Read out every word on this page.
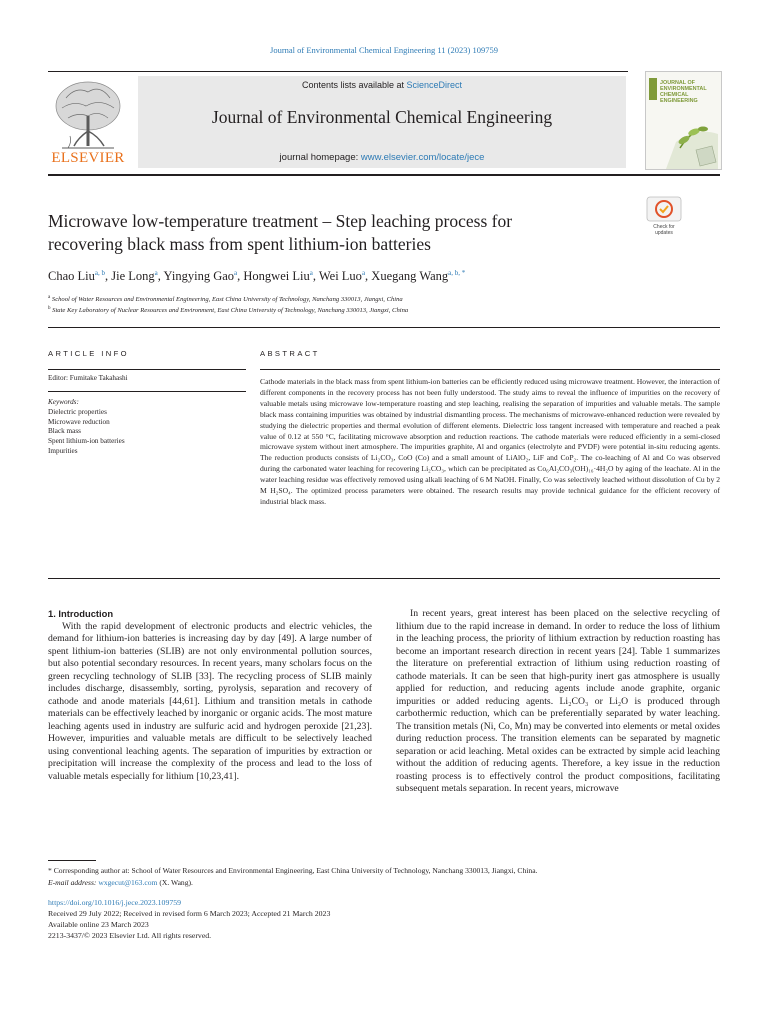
Journal of Environmental Chemical Engineering 11 (2023) 109759
ELSEVIER
Contents lists available at ScienceDirect
Journal of Environmental Chemical Engineering
journal homepage: www.elsevier.com/locate/jece
JOURNAL OF ENVIRONMENTAL CHEMICAL ENGINEERING
Microwave low-temperature treatment – Step leaching process for
recovering black mass from spent lithium-ion batteries
Check for updates
Chao Liu$^{a, b}$, Jie Long$^a$, Yingying Gao$^a$, Hongwei Liu$^a$, Wei Luo$^a$, Xuegang Wang$^{a, b, *}$
$^a$ School of Water Resources and Environmental Engineering, East China University of Technology, Nanchang 330013, Jiangxi, China
$^b$ State Key Laboratory of Nuclear Resources and Environment, East China University of Technology, Nanchang 330013, Jiangxi, China
ARTICLE INFO
Editor: Fumitake Takahashi
Keywords:
Dielectric properties
Microwave reduction
Black mass
Spent lithium-ion batteries
Impurities
ABSTRACT
Cathode materials in the black mass from spent lithium-ion batteries can be efficiently reduced using microwave treatment. However, the interaction of different components in the recovery process has not been fully understood. The study aims to reveal the influence of impurities on the recovery of valuable metals using microwave low-temperature roasting and step leaching, realising the separation of impurities and valuable metals. The sample black mass containing impurities was obtained by industrial dismantling process. The mechanisms of microwave-enhanced reduction were revealed by studying the dielectric properties and thermal evolution of different elements. Dielectric loss tangent increased with temperature and reached a peak value of 0.12 at 550 °C, facilitating microwave absorption and reduction reactions. The cathode materials were reduced efficiently in a semi-closed microwave system without inert atmosphere. The impurities graphite, Al and organics (electrolyte and PVDF) were potential in-situ reducing agents. The reduction products consists of Li₂CO₃, CoO (Co) and a small amount of LiAlO₂, LiF and CoP₂. The co-leaching of Al and Co was observed during the carbonated water leaching for recovering Li₂CO₃, which can be precipitated as Co₆Al₂CO₃(OH)₁₆·4H₂O by aging of the leachate. Al in the water leaching residue was effectively removed using alkali leaching of 6 M NaOH. Finally, Co was selectively leached without dissolution of Cu by 2 M H₂SO₄. The optimized process parameters were obtained. The research results may provide technical guidance for the efficient recovery of industrial black mass.

1. Introduction

With the rapid development of electronic products and electric vehicles, the demand for lithium-ion batteries is increasing day by day [49]. A large number of spent lithium-ion batteries (SLIB) are not only environmental pollution sources, but also potential secondary resources. In recent years, many scholars focus on the green recycling technology of SLIB [33]. The recycling process of SLIB mainly includes discharge, disassembly, sorting, pyrolysis, separation and recovery of cathode and anode materials [44,61]. Lithium and transition metals in cathode materials can be effectively leached by inorganic or organic acids. The most mature leaching agents used in industry are sulfuric acid and hydrogen peroxide [21,23]. However, impurities and valuable metals are difficult to be selectively leached using conventional leaching agents. The separation of impurities by extraction or precipitation will increase the complexity of the process and lead to the loss of valuable metals especially for lithium [10,23,41].

In recent years, great interest has been placed on the selective recycling of lithium due to the rapid increase in demand. In order to reduce the loss of lithium in the leaching process, the priority of lithium extraction by reduction roasting has become an important research direction in recent years [24]. Table 1 summarizes the literature on preferential extraction of lithium using reduction roasting of cathode materials. It can be seen that high-purity inert gas atmosphere is usually applied for reduction, and reducing agents include anode graphite, organic impurities or added reducing agents. Li₂CO₃ or Li₂O is produced through carbothermic reduction, which can be preferentially separated by water leaching. The transition metals (Ni, Co, Mn) may be converted into elements or metal oxides during reduction process. The transition elements can be separated by magnetic separation or acid leaching. Metal oxides can be extracted by simple acid leaching without the addition of reducing agents. Therefore, a key issue in the reduction roasting process is to effectively control the product compositions, facilitating subsequent metals separation. In recent years, microwave

* Corresponding author at: School of Water Resources and Environmental Engineering, East China University of Technology, Nanchang 330013, Jiangxi, China.
E-mail address: wxgecut@163.com (X. Wang).
https://doi.org/10.1016/j.jece.2023.109759
Received 29 July 2022; Received in revised form 6 March 2023; Accepted 21 March 2023
Available online 23 March 2023
2213-3437/© 2023 Elsevier Ltd. All rights reserved.
